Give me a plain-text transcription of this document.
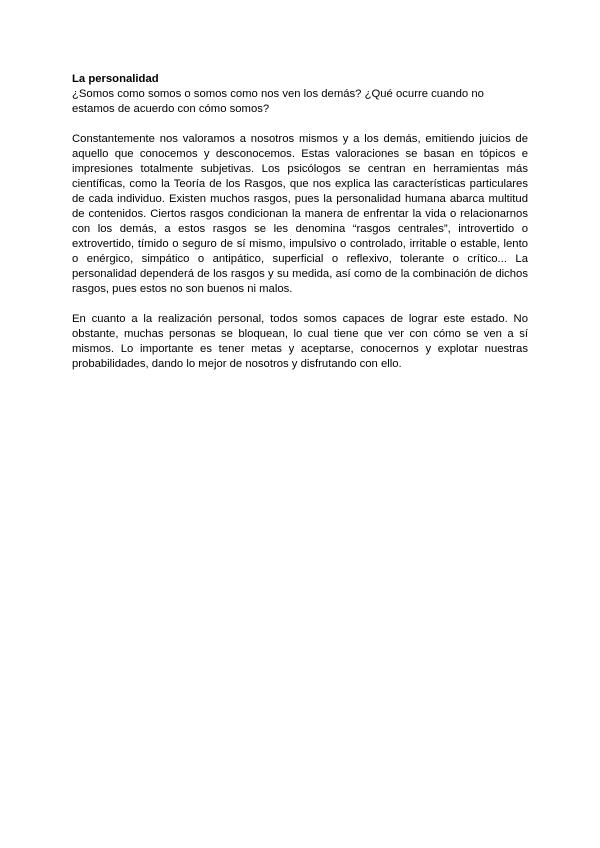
La personalidad

¿Somos como somos o somos como nos ven los demás? ¿Qué ocurre cuando no estamos de acuerdo con cómo somos?

Constantemente nos valoramos a nosotros mismos y a los demás, emitiendo juicios de aquello que conocemos y desconocemos. Estas valoraciones se basan en tópicos e impresiones totalmente subjetivas. Los psicólogos se centran en herramientas más científicas, como la Teoría de los Rasgos, que nos explica las características particulares de cada individuo. Existen muchos rasgos, pues la personalidad humana abarca multitud de contenidos. Ciertos rasgos condicionan la manera de enfrentar la vida o relacionarnos con los demás, a estos rasgos se les denomina “rasgos centrales”, introvertido o extrovertido, tímido o seguro de sí mismo, impulsivo o controlado, irritable o estable, lento o enérgico, simpático o antipático, superficial o reflexivo, tolerante o crítico... La personalidad dependerá de los rasgos y su medida, así como de la combinación de dichos rasgos, pues estos no son buenos ni malos.

En cuanto a la realización personal, todos somos capaces de lograr este estado. No obstante, muchas personas se bloquean, lo cual tiene que ver con cómo se ven a sí mismos. Lo importante es tener metas y aceptarse, conocernos y explotar nuestras probabilidades, dando lo mejor de nosotros y disfrutando con ello.
